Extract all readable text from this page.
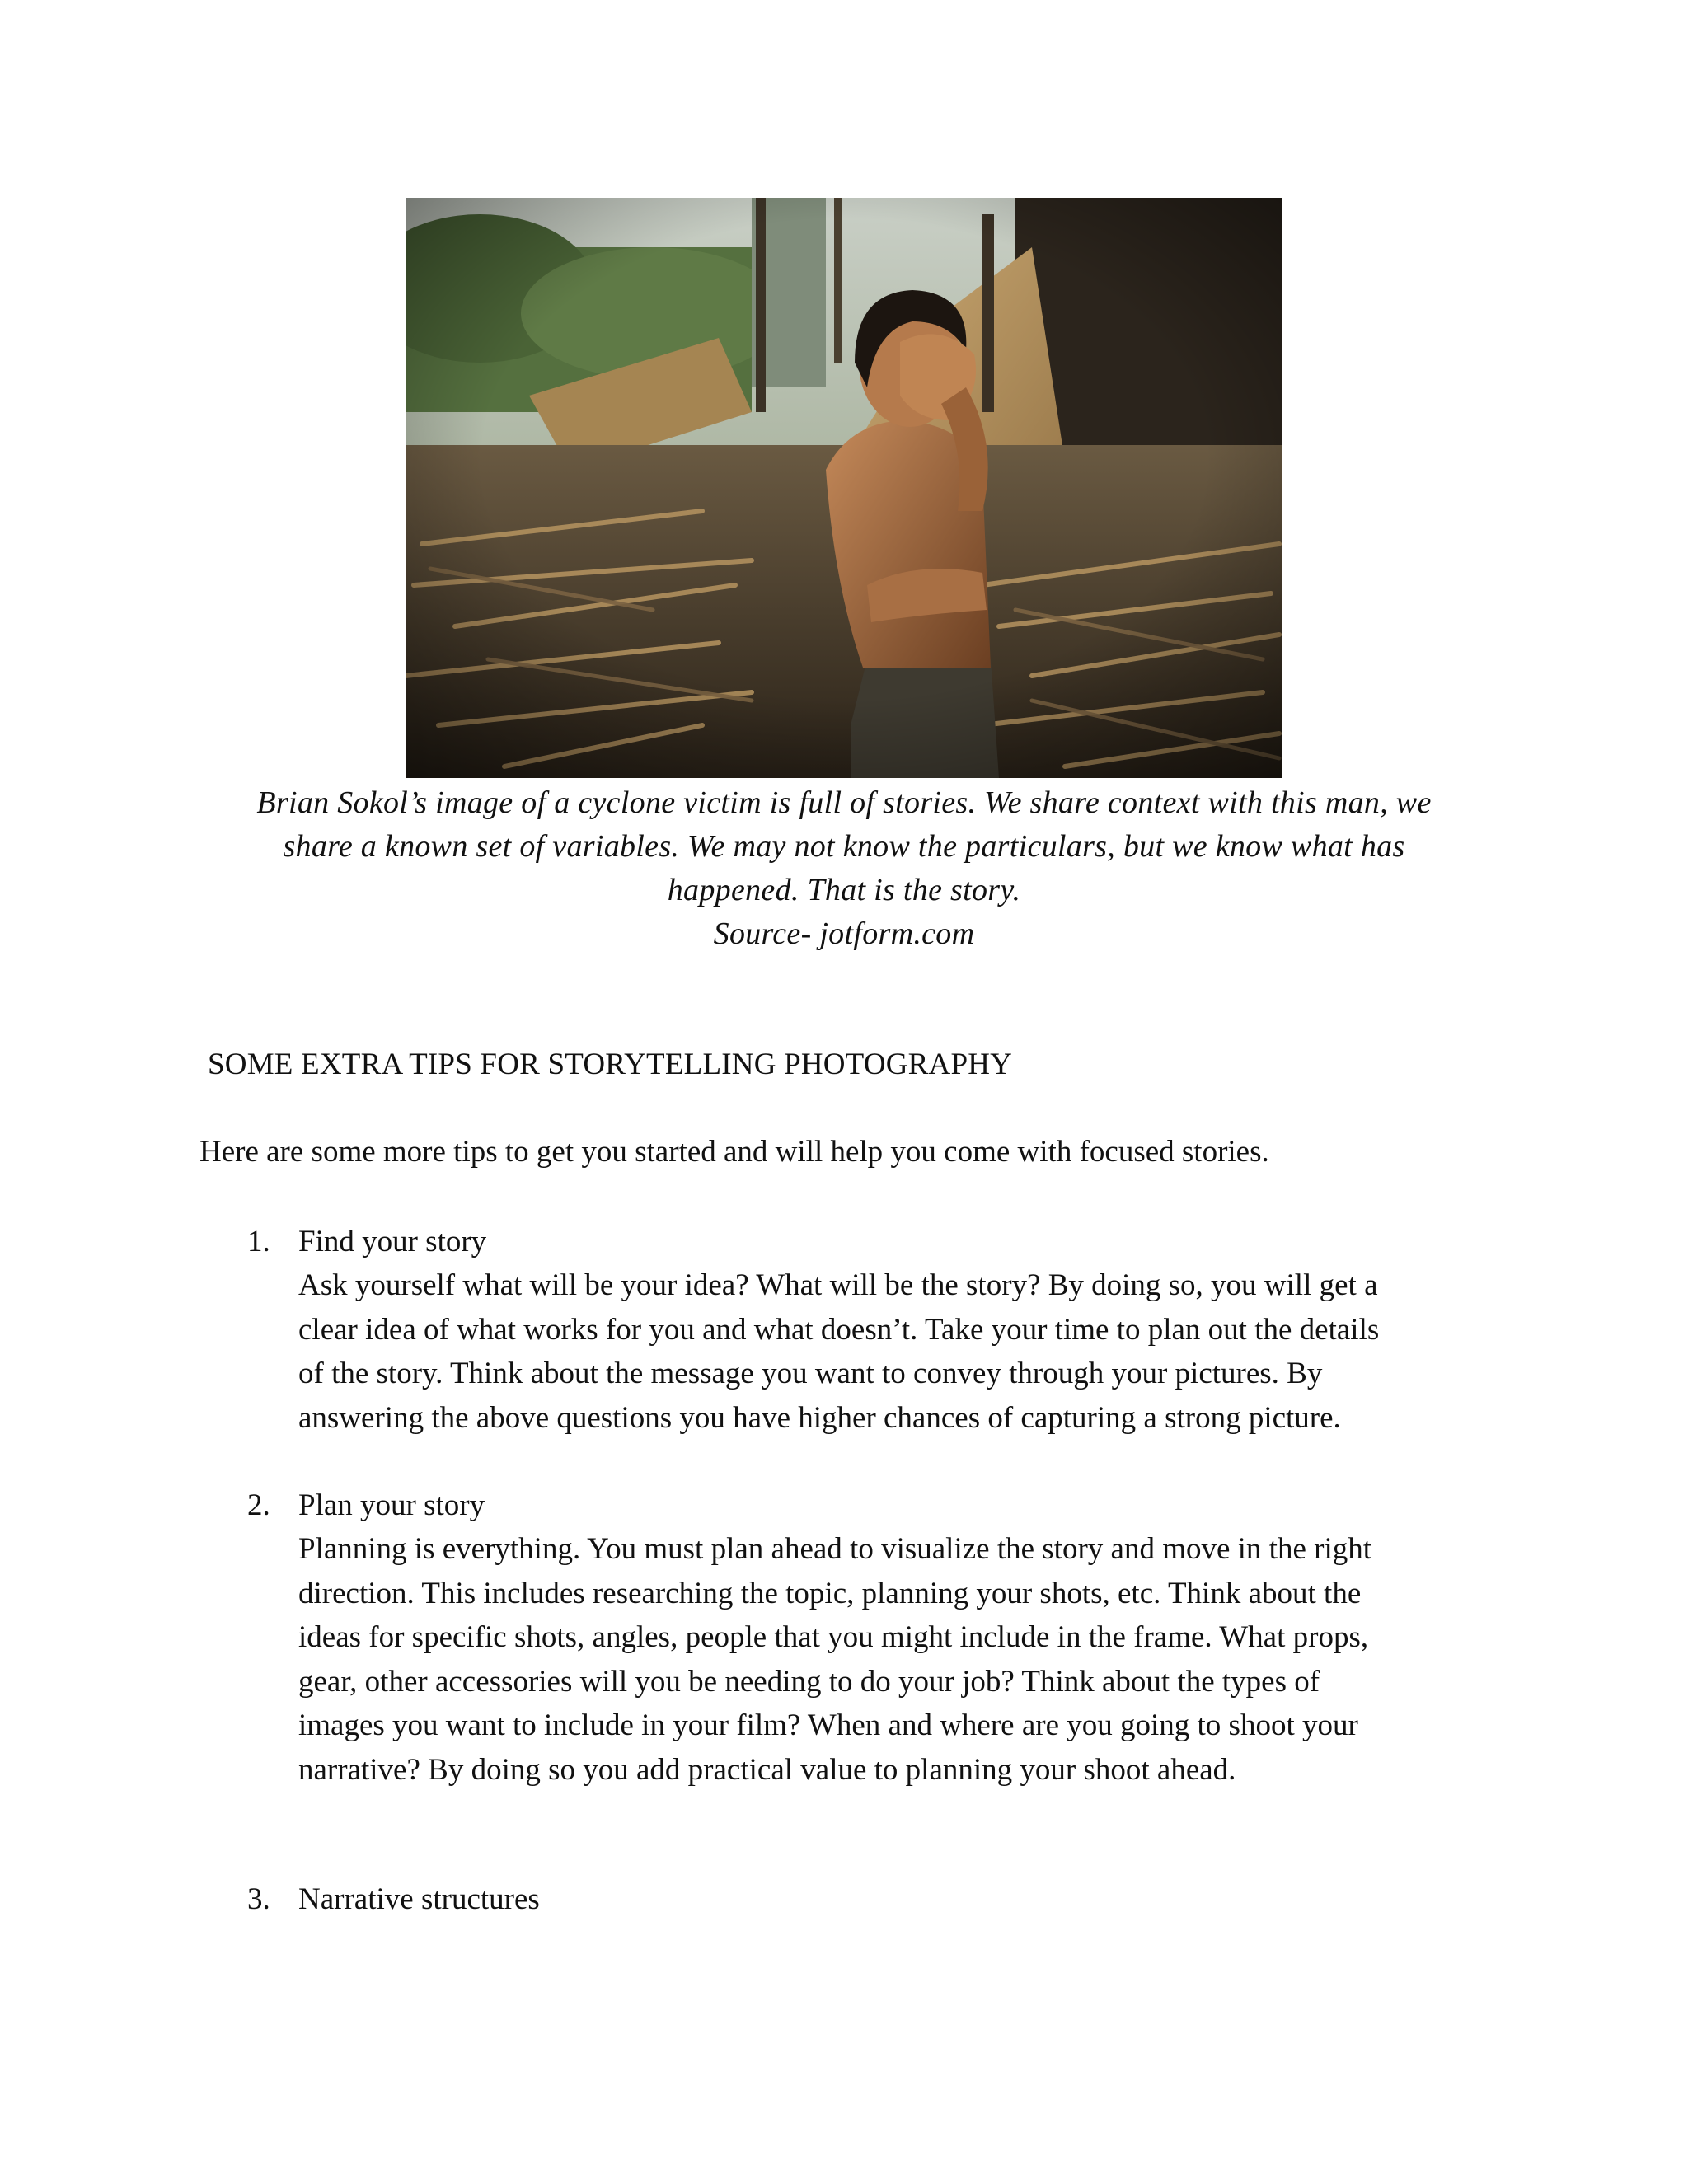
Brian Sokol’s image of a cyclone victim is full of stories. We share context with this man, we
share a known set of variables. We may not know the particulars, but we know what has
happened. That is the story.
Source- jotform.com
SOME EXTRA TIPS FOR STORYTELLING PHOTOGRAPHY
Here are some more tips to get you started and will help you come with focused stories.
1. Find your story
Ask yourself what will be your idea? What will be the story? By doing so, you will get a
clear idea of what works for you and what doesn’t. Take your time to plan out the details
of the story. Think about the message you want to convey through your pictures. By
answering the above questions you have higher chances of capturing a strong picture.
2. Plan your story
Planning is everything. You must plan ahead to visualize the story and move in the right
direction. This includes researching the topic, planning your shots, etc. Think about the
ideas for specific shots, angles, people that you might include in the frame. What props,
gear, other accessories will you be needing to do your job? Think about the types of
images you want to include in your film? When and where are you going to shoot your
narrative? By doing so you add practical value to planning your shoot ahead.
3. Narrative structures
